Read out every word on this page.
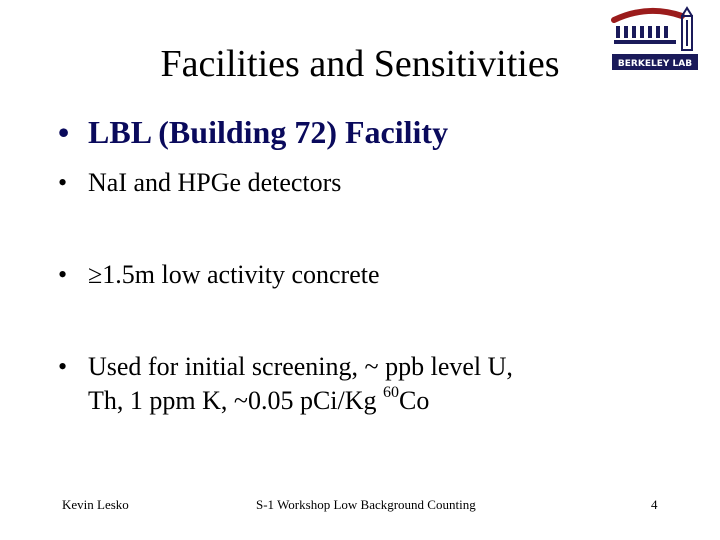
Facilities and Sensitivities	BERKELEY LAB
• LBL (Building 72) Facility
• NaI and HPGe detectors
• ≥1.5m low activity concrete
• Used for initial screening, ~ ppb level U,
Th, 1 ppm K, ~0.05 pCi/Kg $^{60}$Co
Kevin Lesko	S-1 Workshop Low Background Counting	4
